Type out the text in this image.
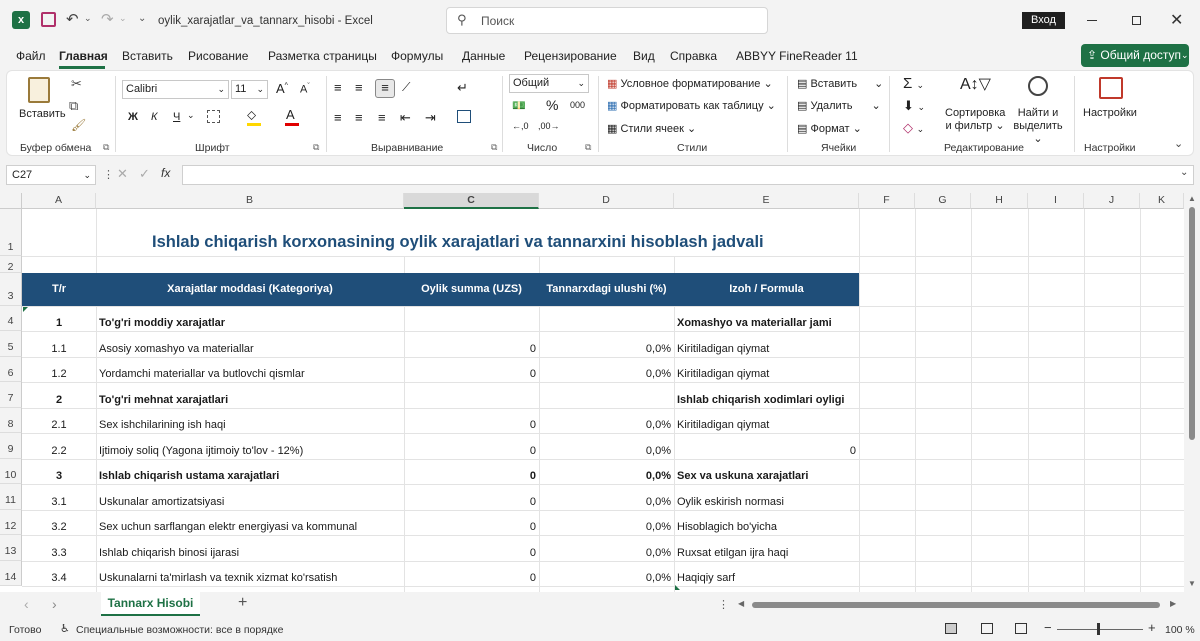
x	↶ ⌄ ↷ ⌄ ⌄ oylik_xarajatlar_va_tannarx_hisobi - Excel	⚲ Поиск	Вход	✕
Файл Главная Вставить Рисование Разметка страницы Формулы Данные Рецензирование Вид Справка ABBYY FineReader 11	⇪ Общий доступ ⌄
Вставить
✂
⧉
🖌
Буфер обмена ⧉
Calibri	⌄ 11 ⌄ A^ $A^ˇ$
Ж К Ч ⌄	⬦ A
Шрифт	⧉
≡ ≡	≡	⟋
≡ ≡ ≡ ⇤ ⇥
↵
Выравнивание	⧉
Общий	⌄
💵 % 000
←,0 ,00→
Число	⧉
▦ Условное форматирование ⌄
▦ Форматировать как таблицу ⌄
▦ Стили ячеек ⌄
Стили
▤ Вставить ⌄
▤ Удалить ⌄
▤ Формат ⌄
Ячейки
Σ ⌄
⬇ ⌄
◇ ⌄
A↕▽
Сортировка
и фильтр ⌄
Найти и
выделить ⌄
Редактирование
Настройки
Настройки	⌄
C27	⌄ ⋮ ✕ ✓ fx	⌄
A	B	C	D	E	F	G	H	I	J	K
1
2
3
4
5
6
7
8
9
10
11
12
13
14
Ishlab chiqarish korxonasining oylik xarajatlari va tannarxini hisoblash jadvali
T/r	Xarajatlar moddasi (Kategoriya)	Oylik summa (UZS)	Tannarxdagi ulushi (%)	Izoh / Formula
1	To'g'ri moddiy xarajatlar	Xomashyo va materiallar jami
1.1	Asosiy xomashyo va materiallar	0	0,0% Kiritiladigan qiymat
1.2	Yordamchi materiallar va butlovchi qismlar	0	0,0% Kiritiladigan qiymat
2	To'g'ri mehnat xarajatlari	Ishlab chiqarish xodimlari oyligi
2.1	Sex ishchilarining ish haqi	0	0,0% Kiritiladigan qiymat
2.2	Ijtimoiy soliq (Yagona ijtimoiy to'lov - 12%)	0	0,0%	0
3	Ishlab chiqarish ustama xarajatlari	0	0,0% Sex va uskuna xarajatlari
3.1	Uskunalar amortizatsiyasi	0	0,0% Oylik eskirish normasi
3.2	Sex uchun sarflangan elektr energiyasi va kommunal	0	0,0% Hisoblagich bo'yicha
3.3	Ishlab chiqarish binosi ijarasi	0	0,0% Ruxsat etilgan ijra haqi
3.4	Uskunalarni ta'mirlash va texnik xizmat ko'rsatish	0	0,0% Haqiqiy sarf
▲
▼
‹ ›	Tannarx Hisobi	+	⋮ ◀	▶
Готово ♿ Специальные возможности: все в порядке	−	+ 100 %
